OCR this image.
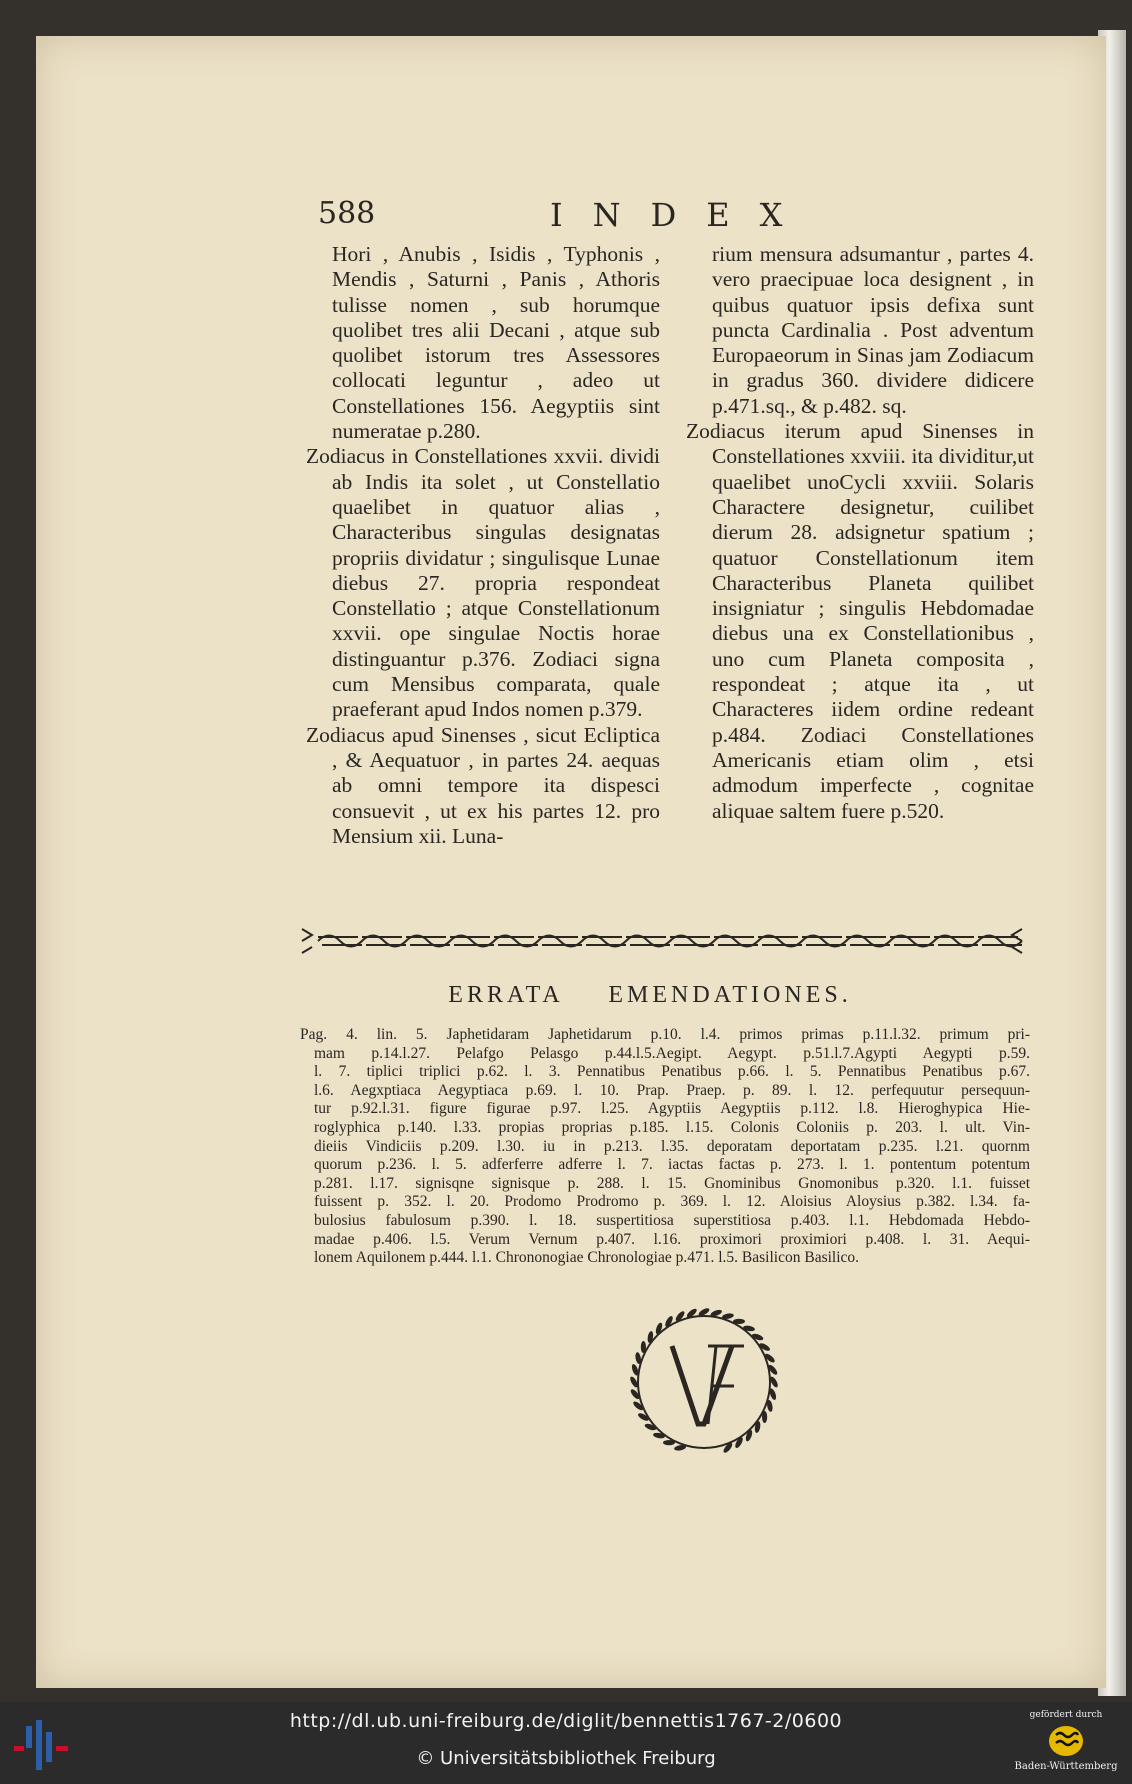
588	INDEX

Hori , Anubis , Isidis , Typhonis , Mendis , Saturni , Panis , Athoris tulisse nomen , sub horumque quolibet tres alii Decani , atque sub quolibet istorum tres Assessores collocati leguntur , adeo ut Constellationes 156. Aegyptiis sint numeratae p.280.

Zodiacus in Constellationes xxvii. dividi ab Indis ita solet , ut Constellatio quaelibet in quatuor alias , Characteribus singulas designatas propriis dividatur ; singulisque Lunae diebus 27. propria respondeat Constellatio ; atque Constellationum xxvii. ope singulae Noctis horae distinguantur p.376. Zodiaci signa cum Mensibus comparata, quale praeferant apud Indos nomen p.379.

Zodiacus apud Sinenses , sicut Ecliptica , & Aequatuor , in partes 24. aequas ab omni tempore ita dispesci consuevit , ut ex his partes 12. pro Mensium xii. Luna-

rium mensura adsumantur , partes 4. vero praecipuae loca designent , in quibus quatuor ipsis defixa sunt puncta Cardinalia . Post adventum Europaeorum in Sinas jam Zodiacum in gradus 360. dividere didicere p.471.sq., & p.482. sq.

Zodiacus iterum apud Sinenses in Constellationes xxviii. ita dividitur,ut quaelibet unoCycli xxviii. Solaris Charactere designetur, cuilibet dierum 28. adsignetur spatium ; quatuor Constellationum item Characteribus Planeta quilibet insigniatur ; singulis Hebdomadae diebus una ex Constellationibus , uno cum Planeta composita , respondeat ; atque ita , ut Characteres iidem ordine redeant p.484. Zodiaci Constellationes Americanis etiam olim , etsi admodum imperfecte , cognitae aliquae saltem fuere p.520.

ERRATA EMENDATIONES.
Pag. 4. lin. 5. Japhetidaram Japhetidarum p.10. l.4. primos primas p.11.l.32. primum pri-
mam p.14.l.27. Pelafgo Pelasgo p.44.l.5.Aegipt. Aegypt. p.51.l.7.Agypti Aegypti p.59.
l. 7. tiplici triplici p.62. l. 3. Pennatibus Penatibus p.66. l. 5. Pennatibus Penatibus p.67.
l.6. Aegxptiaca Aegyptiaca p.69. l. 10. Prap. Praep. p. 89. l. 12. perfequutur persequun-
tur p.92.l.31. figure figurae p.97. l.25. Agyptiis Aegyptiis p.112. l.8. Hieroghypica Hie-
roglyphica p.140. l.33. propias proprias p.185. l.15. Colonis Coloniis p. 203. l. ult. Vin-
dieiis Vindiciis p.209. l.30. iu in p.213. l.35. deporatam deportatam p.235. l.21. quornm
quorum p.236. l. 5. adferferre adferre l. 7. iactas factas p. 273. l. 1. pontentum potentum
p.281. l.17. signisqne signisque p. 288. l. 15. Gnominibus Gnomonibus p.320. l.1. fuisset
fuissent p. 352. l. 20. Prodomo Prodromo p. 369. l. 12. Aloisius Aloysius p.382. l.34. fa-
bulosius fabulosum p.390. l. 18. suspertitiosa superstitiosa p.403. l.1. Hebdomada Hebdo-
madae p.406. l.5. Verum Vernum p.407. l.16. proximori proximiori p.408. l. 31. Aequi-
lonem Aquilonem p.444. l.1. Chrononogiae Chronologiae p.471. l.5. Basilicon Basilico.
http://dl.ub.uni-freiburg.de/diglit/bennettis1767-2/0600
© Universitätsbibliothek Freiburg
gefördert durch
Baden-Württemberg
